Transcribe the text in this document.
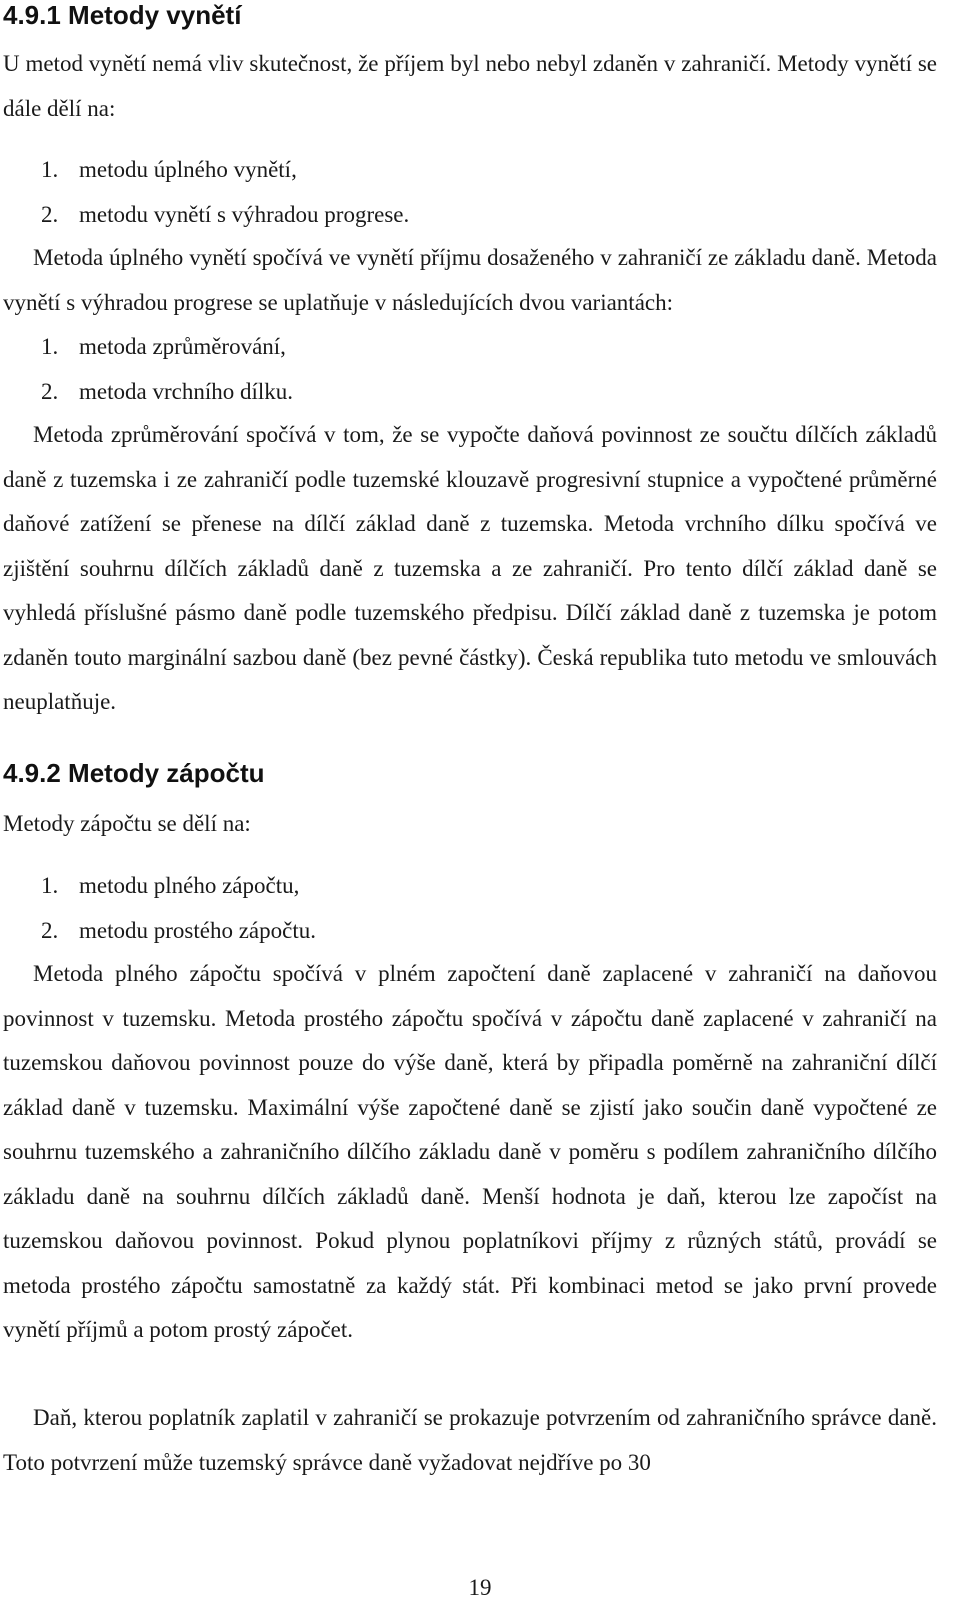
4.9.1 Metody vynětí

U metod vynětí nemá vliv skutečnost, že příjem byl nebo nebyl zdaněn v zahraničí. Metody vynětí se dále dělí na:

1. metodu úplného vynětí,
2. metodu vynětí s výhradou progrese.

Metoda úplného vynětí spočívá ve vynětí příjmu dosaženého v zahraničí ze základu daně. Metoda vynětí s výhradou progrese se uplatňuje v následujících dvou variantách:

1. metoda zprůměrování,
2. metoda vrchního dílku.

Metoda zprůměrování spočívá v tom, že se vypočte daňová povinnost ze součtu dílčích základů daně z tuzemska i ze zahraničí podle tuzemské klouzavě progresivní stupnice a vypočtené průměrné daňové zatížení se přenese na dílčí základ daně z tuzemska. Metoda vrchního dílku spočívá ve zjištění souhrnu dílčích základů daně z tuzemska a ze zahraničí. Pro tento dílčí základ daně se vyhledá příslušné pásmo daně podle tuzemského předpisu. Dílčí základ daně z tuzemska je potom zdaněn touto marginální sazbou daně (bez pevné částky). Česká republika tuto metodu ve smlouvách neuplatňuje.

4.9.2 Metody zápočtu

Metody zápočtu se dělí na:

1. metodu plného zápočtu,
2. metodu prostého zápočtu.

Metoda plného zápočtu spočívá v plném započtení daně zaplacené v zahraničí na daňovou povinnost v tuzemsku. Metoda prostého zápočtu spočívá v zápočtu daně zaplacené v zahraničí na tuzemskou daňovou povinnost pouze do výše daně, která by připadla poměrně na zahraniční dílčí základ daně v tuzemsku. Maximální výše započtené daně se zjistí jako součin daně vypočtené ze souhrnu tuzemského a zahraničního dílčího základu daně v poměru s podílem zahraničního dílčího základu daně na souhrnu dílčích základů daně. Menší hodnota je daň, kterou lze započíst na tuzemskou daňovou povinnost. Pokud plynou poplatníkovi příjmy z různých států, provádí se metoda prostého zápočtu samostatně za každý stát. Při kombinaci metod se jako první provede vynětí příjmů a potom prostý zápočet.

Daň, kterou poplatník zaplatil v zahraničí se prokazuje potvrzením od zahraničního správce daně. Toto potvrzení může tuzemský správce daně vyžadovat nejdříve po 30

19
